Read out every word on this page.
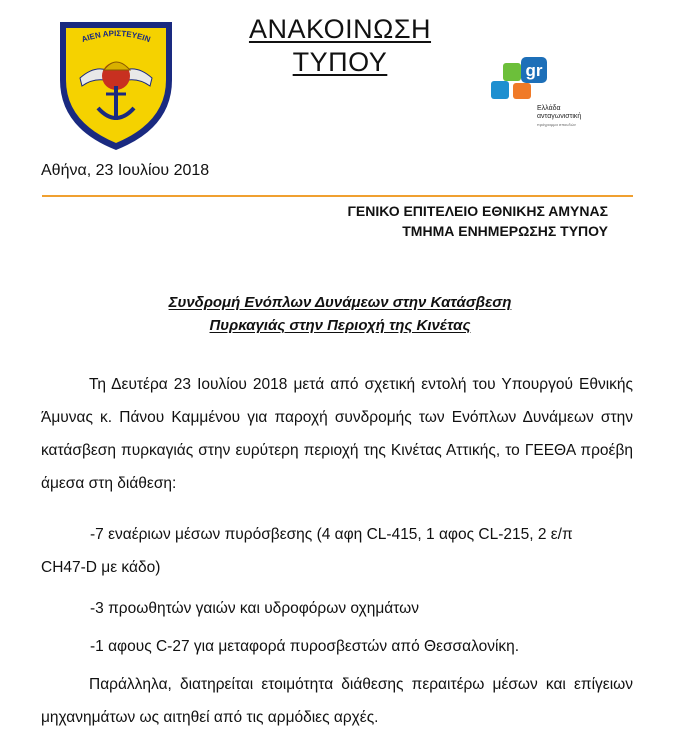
ΑΙΕΝ ΑΡΙΣΤΕΥΕΙΝ	ΑΝΑΚΟΙΝΩΣΗ
ΤΥΠΟΥ	gr
Ελλάδα
ανταγωνιστική
πρόγραμμα σπουδών
Αθήνα, 23 Ιουλίου 2018
ΓΕΝΙΚΟ ΕΠΙΤΕΛΕΙΟ ΕΘΝΙΚΗΣ ΑΜΥΝΑΣ
ΤΜΗΜΑ ΕΝΗΜΕΡΩΣΗΣ ΤΥΠΟΥ
Συνδρομή Ενόπλων Δυνάμεων στην Κατάσβεση
Πυρκαγιάς στην Περιοχή της Κινέτας
Τη Δευτέρα 23 Ιουλίου 2018 μετά από σχετική εντολή του Υπουργού Εθνικής Άμυνας κ. Πάνου Καμμένου για παροχή συνδρομής των Ενόπλων Δυνάμεων στην κατάσβεση πυρκαγιάς στην ευρύτερη περιοχή της Κινέτας Αττικής, το ΓΕΕΘΑ προέβη άμεσα στη διάθεση:
-7 εναέριων μέσων πυρόσβεσης (4 αφη CL-415, 1 αφος CL-215, 2 ε/π
CH47-D με κάδο)
-3 προωθητών γαιών και υδροφόρων οχημάτων
-1 αφους C-27 για μεταφορά πυροσβεστών από Θεσσαλονίκη.
Παράλληλα, διατηρείται ετοιμότητα διάθεσης περαιτέρω μέσων και επίγειων μηχανημάτων ως αιτηθεί από τις αρμόδιες αρχές.
